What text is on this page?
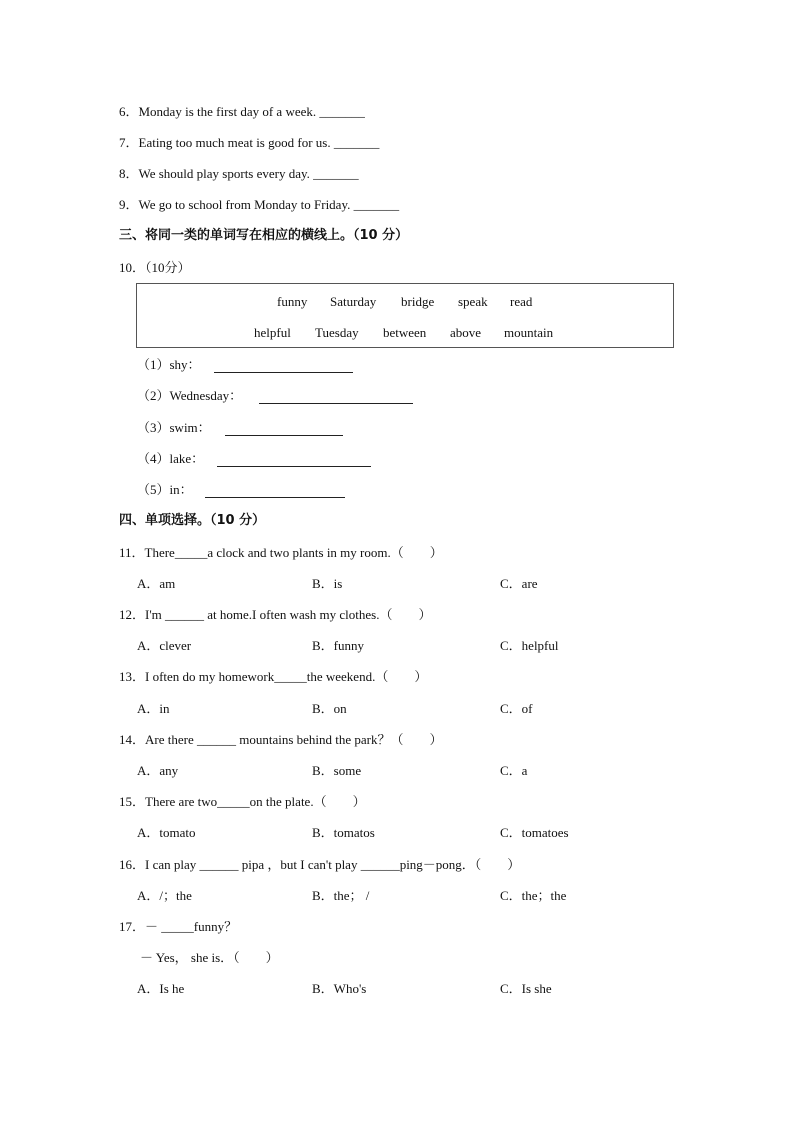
6．Monday is the first day of a week. _______
7．Eating too much meat is good for us. _______
8．We should play sports every day. _______
9．We go to school from Monday to Friday. _______
三、将同一类的单词写在相应的横线上。（10 分）
10．（10分）
funny Saturday bridge speak read
helpful Tuesday between above mountain
（1）shy：
（2）Wednesday：
（3）swim：
（4）lake：
（5）in：
四、单项选择。（10 分）
11．There_____a clock and two plants in my room.（　　）
A．am	B．is	C．are
12．I'm ______ at home.I often wash my clothes.（　　）
A．clever	B．funny	C．helpful
13．I often do my homework_____the weekend.（　　）
A．in	B．on	C．of
14．Are there ______ mountains behind the park？（　　）
A．any	B．some	C．a
15．There are two_____on the plate.（　　）
A．tomato	B．tomatos	C．tomatoes
16．I can play ______ pipa ，but I can't play ______ping－pong．（　　）
A．/；the	B．the； /	C．the；the
17．－ _____funny？
－ Yes， she is．（　　）
A．Is he	B．Who's	C．Is she
